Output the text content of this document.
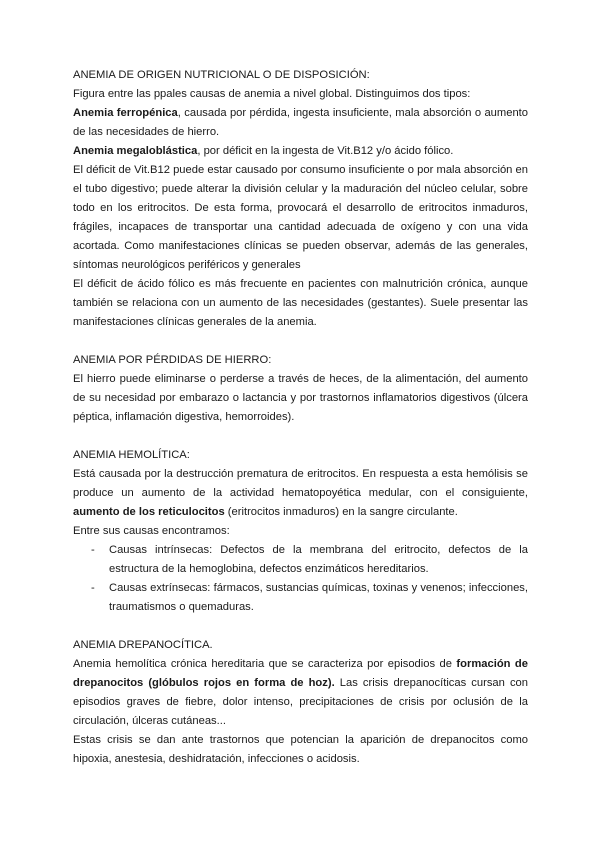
ANEMIA DE ORIGEN NUTRICIONAL O DE DISPOSICIÓN:

Figura entre las ppales causas de anemia a nivel global. Distinguimos dos tipos:

Anemia ferropénica, causada por pérdida, ingesta insuficiente, mala absorción o aumento de las necesidades de hierro.

Anemia megaloblástica, por déficit en la ingesta de Vit.B12 y/o ácido fólico.

El déficit de Vit.B12 puede estar causado por consumo insuficiente o por mala absorción en el tubo digestivo; puede alterar la división celular y la maduración del núcleo celular, sobre todo en los eritrocitos. De esta forma, provocará el desarrollo de eritrocitos inmaduros, frágiles, incapaces de transportar una cantidad adecuada de oxígeno y con una vida acortada. Como manifestaciones clínicas se pueden observar, además de las generales, síntomas neurológicos periféricos y generales

El déficit de ácido fólico es más frecuente en pacientes con malnutrición crónica, aunque también se relaciona con un aumento de las necesidades (gestantes). Suele presentar las manifestaciones clínicas generales de la anemia.

ANEMIA POR PÉRDIDAS DE HIERRO:

El hierro puede eliminarse o perderse a través de heces, de la alimentación, del aumento de su necesidad por embarazo o lactancia y por trastornos inflamatorios digestivos (úlcera péptica, inflamación digestiva, hemorroides).

ANEMIA HEMOLÍTICA:

Está causada por la destrucción prematura de eritrocitos. En respuesta a esta hemólisis se produce un aumento de la actividad hematopoyética medular, con el consiguiente, aumento de los reticulocitos (eritrocitos inmaduros) en la sangre circulante.

Entre sus causas encontramos:

- Causas intrínsecas: Defectos de la membrana del eritrocito, defectos de la estructura de la hemoglobina, defectos enzimáticos hereditarios.
- Causas extrínsecas: fármacos, sustancias químicas, toxinas y venenos; infecciones, traumatismos o quemaduras.

ANEMIA DREPANOCÍTICA.

Anemia hemolítica crónica hereditaria que se caracteriza por episodios de formación de drepanocitos (glóbulos rojos en forma de hoz). Las crisis drepanocíticas cursan con episodios graves de fiebre, dolor intenso, precipitaciones de crisis por oclusión de la circulación, úlceras cutáneas...

Estas crisis se dan ante trastornos que potencian la aparición de drepanocitos como hipoxia, anestesia, deshidratación, infecciones o acidosis.
